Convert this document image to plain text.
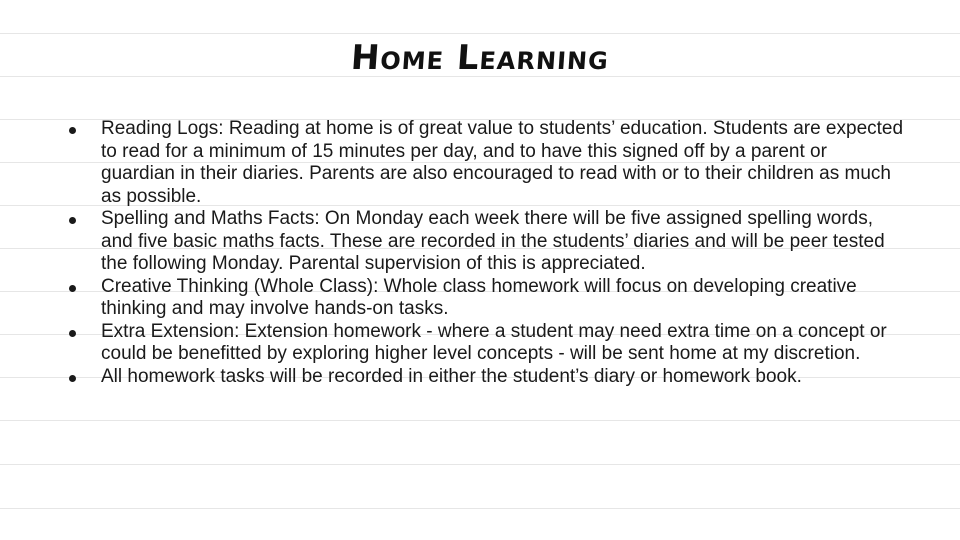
Home Learning
Reading Logs: Reading at home is of great value to students’ education. Students are expected to read for a minimum of 15 minutes per day, and to have this signed off by a parent or guardian in their diaries. Parents are also encouraged to read with or to their children as much as possible.
Spelling and Maths Facts: On Monday each week there will be five assigned spelling words, and five basic maths facts. These are recorded in the students’ diaries and will be peer tested the following Monday. Parental supervision of this is appreciated.
Creative Thinking (Whole Class): Whole class homework will focus on developing creative thinking and may involve hands-on tasks.
Extra Extension: Extension homework - where a student may need extra time on a concept or could be benefitted by exploring higher level concepts - will be sent home at my discretion.
All homework tasks will be recorded in either the student’s diary or homework book.
